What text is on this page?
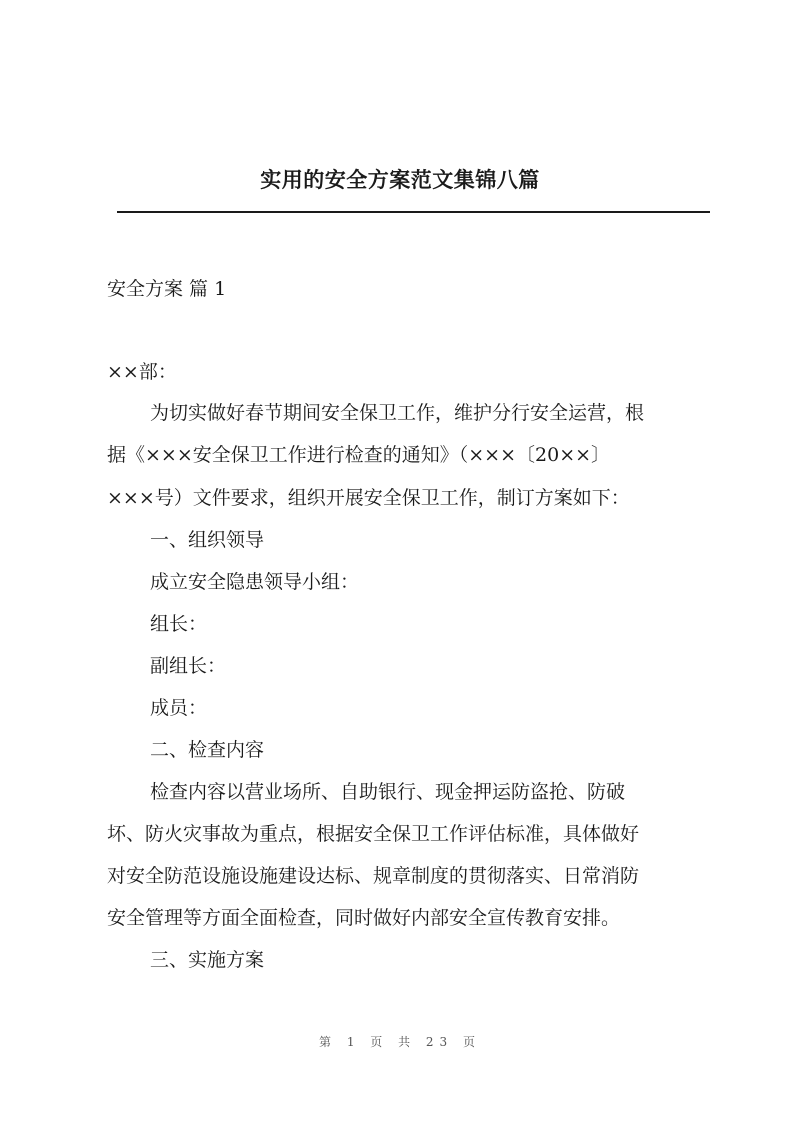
实用的安全方案范文集锦八篇

安全方案 篇 1

××部：

为切实做好春节期间安全保卫工作，维护分行安全运营，根

据《×××安全保卫工作进行检查的通知》（×××〔20××〕

×××号）文件要求，组织开展安全保卫工作，制订方案如下：

一、组织领导

成立安全隐患领导小组：

组长：

副组长：

成员：

二、检查内容

检查内容以营业场所、自助银行、现金押运防盗抢、防破

坏、防火灾事故为重点，根据安全保卫工作评估标准，具体做好

对安全防范设施设施建设达标、规章制度的贯彻落实、日常消防

安全管理等方面全面检查，同时做好内部安全宣传教育安排。

三、实施方案

第 1 页 共 23 页
